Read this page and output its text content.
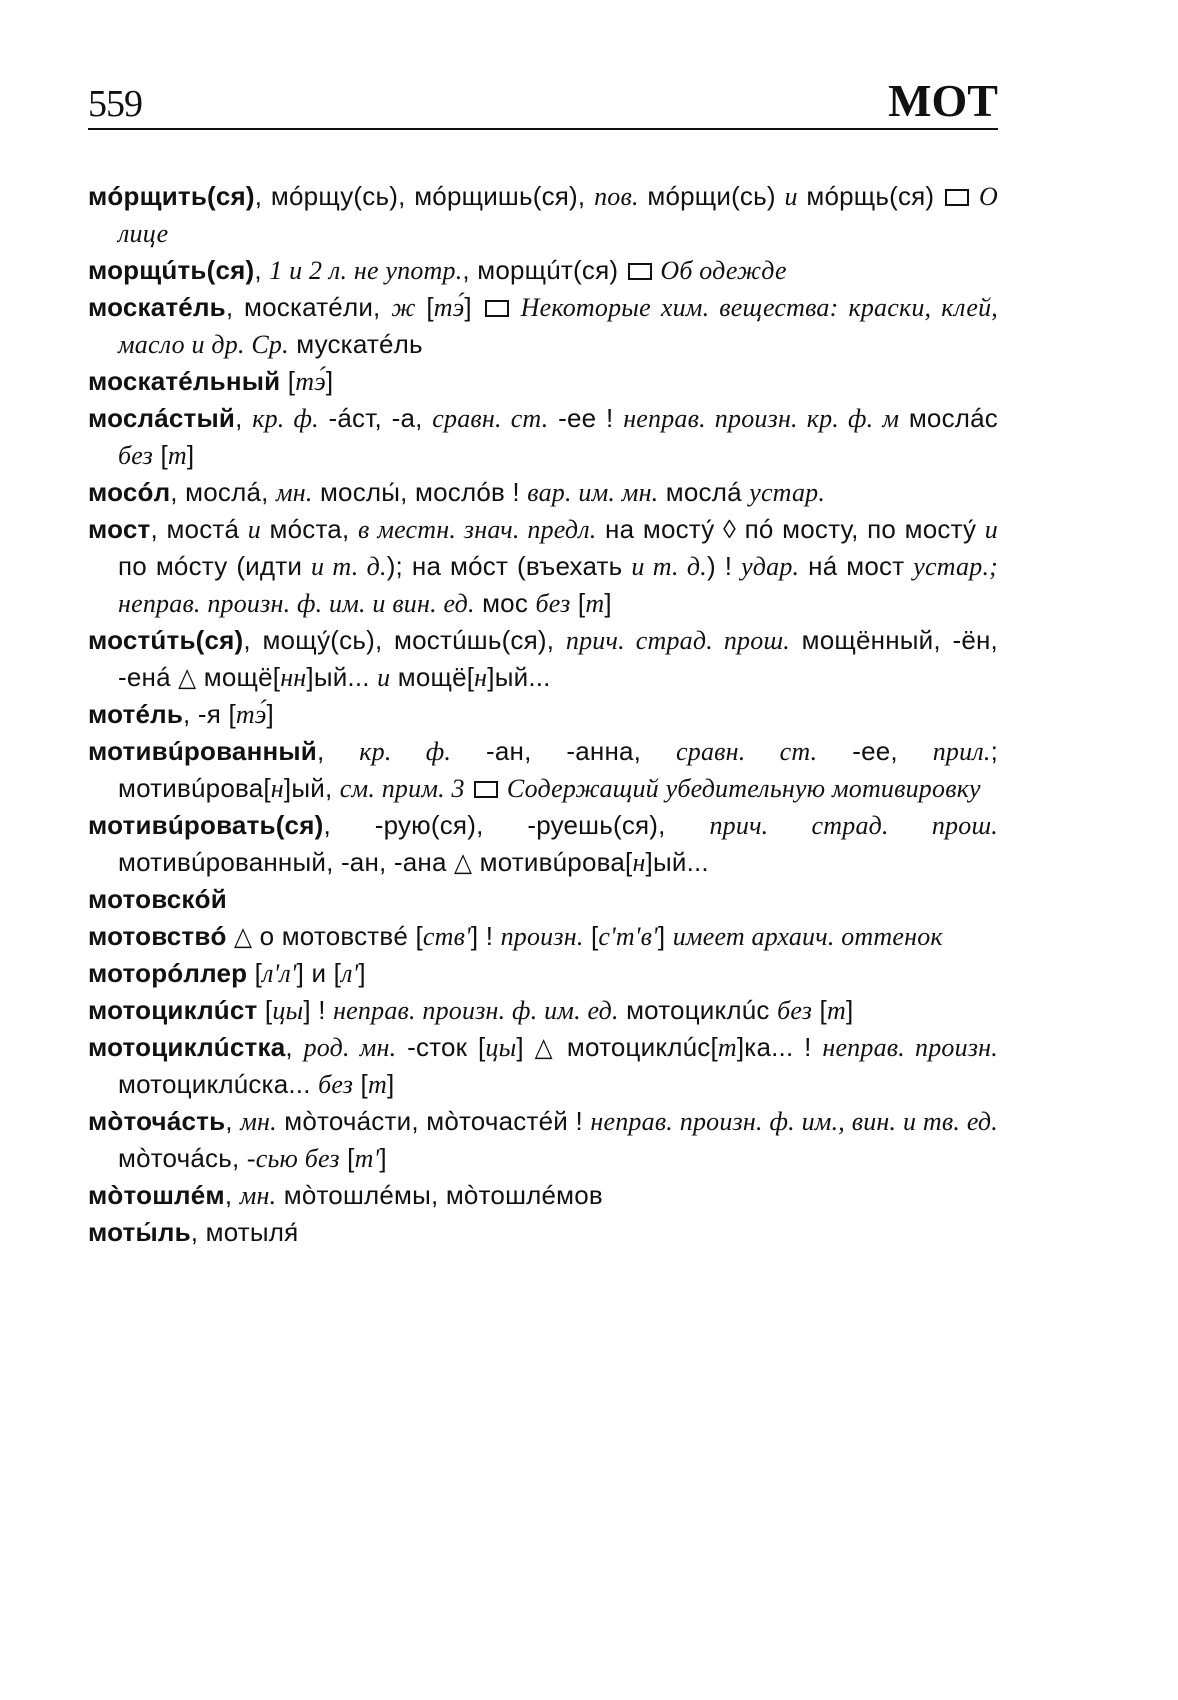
559	МОТ
мóрщить(ся), мóрщу(сь), мóрщишь(ся), пов. мóрщи(сь) и мóрщь(ся)  О лице
морщúть(ся), 1 и 2 л. не употр., морщúт(ся)  Об одежде
москатéль, москатéли, ж [тэ́]  Некоторые хим. вещества: краски, клей, масло и др. Ср. мускатéль
москатéльный [тэ́]
мослáстый, кр. ф. -áст, -а, сравн. ст. -ее ! неправ. произн. кр. ф. м мослáс без [т]
мосóл, мослá, мн. мослы́, мослóв ! вар. им. мн. мослá устар.
мост, мостá и мóста, в местн. знач. предл. на мосту́ ◊ пó мосту, по мосту́ и по мóсту (идти и т. д.); на мóст (въехать и т. д.) ! удар. нá мост устар.; неправ. произн. ф. им. и вин. ед. мос без [т]
мостúть(ся), мощу́(сь), мостúшь(ся), прич. страд. прош. мощённый, -ён, -енá △ мощё[нн]ый... и мощё[н]ый...
мотéль, -я [тэ́]
мотивúрованный, кр. ф. -ан, -анна, сравн. ст. -ее, прил.; мотивúрова[н]ый, см. прим. 3  Содержащий убедительную мотивировку
мотивúровать(ся), -рую(ся), -руешь(ся), прич. страд. прош. мотивúрованный, -ан, -ана △ мотивúрова[н]ый...
мотовскóй
мотовствó △ о мотовствé [ств'] ! произн. [с'т'в'] имеет архаич. оттенок
моторóллер [л'л'] и [л']
мотоциклúст [цы] ! неправ. произн. ф. им. ед. мотоциклúс без [т]
мотоциклúстка, род. мн. -сток [цы] △ мотоциклúс[т]ка... ! неправ. произн. мотоциклúска... без [т]
мòточáсть, мн. мòточáсти, мòточастéй ! неправ. произн. ф. им., вин. и тв. ед. мòточáсь, -сью без [т']
мòтошлéм, мн. мòтошлéмы, мòтошлéмов
моты́ль, мотыля́
